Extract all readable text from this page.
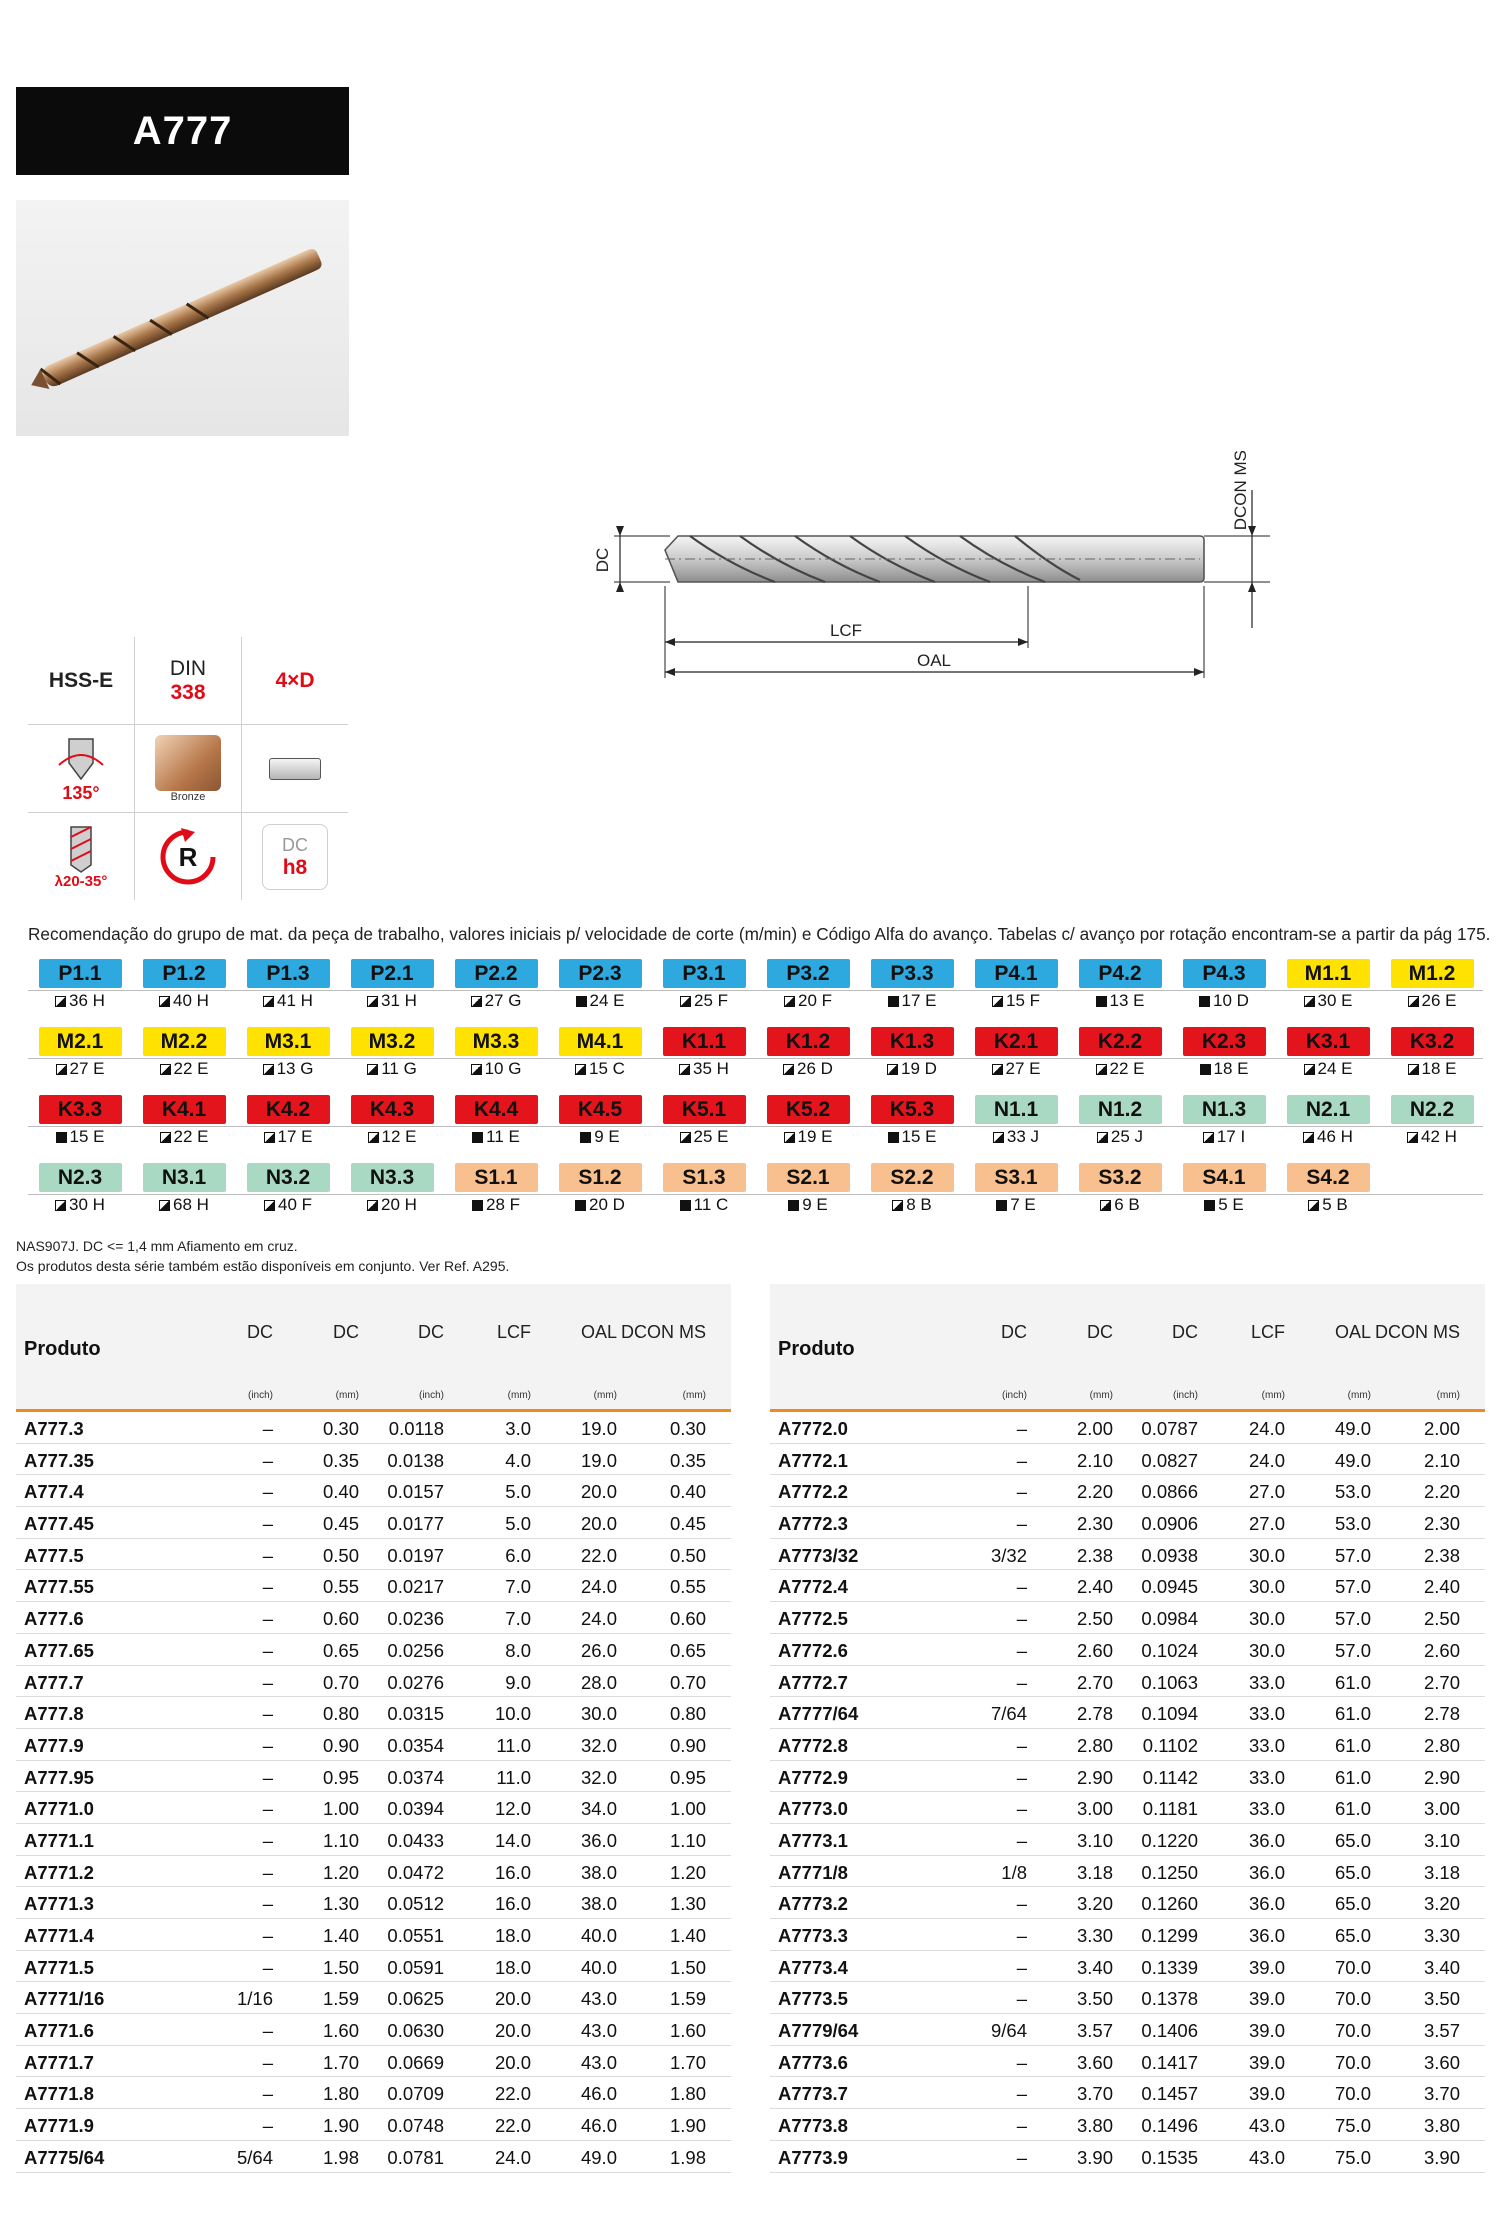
A777
DC
DCON MS
LCF
OAL
HSS-E
DIN
338
4×D
135°	Bronze
λ20-35°
R	DC
h8
Recomendação do grupo de mat. da peça de trabalho, valores iniciais p/ velocidade de corte (m/min) e Código Alfa do avanço. Tabelas c/ avanço por rotação encontram-se a partir da pág 175.
P1.1
36 H
P1.2
40 H
P1.3
41 H
P2.1
31 H
P2.2
27 G
P2.3
24 E
P3.1
25 F
P3.2
20 F
P3.3
17 E
P4.1
15 F
P4.2
13 E
P4.3
10 D
M1.1
30 E
M1.2
26 E
M2.1
27 E
M2.2
22 E
M3.1
13 G
M3.2
11 G
M3.3
10 G
M4.1
15 C
K1.1
35 H
K1.2
26 D
K1.3
19 D
K2.1
27 E
K2.2
22 E
K2.3
18 E
K3.1
24 E
K3.2
18 E
K3.3
15 E
K4.1
22 E
K4.2
17 E
K4.3
12 E
K4.4
11 E
K4.5
9 E
K5.1
25 E
K5.2
19 E
K5.3
15 E
N1.1
33 J
N1.2
25 J
N1.3
17 I
N2.1
46 H
N2.2
42 H
N2.3
30 H
N3.1
68 H
N3.2
40 F
N3.3
20 H
S1.1
28 F
S1.2
20 D
S1.3
11 C
S2.1
9 E
S2.2
8 B
S3.1
7 E
S3.2
6 B
S4.1
5 E
S4.2
5 B
NAS907J. DC <= 1,4 mm Afiamento em cruz.
Os produtos desta série também estão disponíveis em conjunto. Ver Ref. A295.
Produto
DC
(inch)
DC
(mm)
DC
(inch)
LCF
(mm)
OAL
(mm)
DCON MS
(mm)
A777.3	–	0.30 0.0118	3.0	19.0	0.30
A777.35	–	0.35 0.0138	4.0	19.0	0.35
A777.4	–	0.40 0.0157	5.0	20.0	0.40
A777.45	–	0.45 0.0177	5.0	20.0	0.45
A777.5	–	0.50 0.0197	6.0	22.0	0.50
A777.55	–	0.55 0.0217	7.0	24.0	0.55
A777.6	–	0.60 0.0236	7.0	24.0	0.60
A777.65	–	0.65 0.0256	8.0	26.0	0.65
A777.7	–	0.70 0.0276	9.0	28.0	0.70
A777.8	–	0.80 0.0315	10.0	30.0	0.80
A777.9	–	0.90 0.0354	11.0	32.0	0.90
A777.95	–	0.95 0.0374	11.0	32.0	0.95
A7771.0	–	1.00 0.0394	12.0	34.0	1.00
A7771.1	–	1.10 0.0433	14.0	36.0	1.10
A7771.2	–	1.20 0.0472	16.0	38.0	1.20
A7771.3	–	1.30 0.0512	16.0	38.0	1.30
A7771.4	–	1.40 0.0551	18.0	40.0	1.40
A7771.5	–	1.50 0.0591	18.0	40.0	1.50
A7771/16	1/16	1.59 0.0625	20.0	43.0	1.59
A7771.6	–	1.60 0.0630	20.0	43.0	1.60
A7771.7	–	1.70 0.0669	20.0	43.0	1.70
A7771.8	–	1.80 0.0709	22.0	46.0	1.80
A7771.9	–	1.90 0.0748	22.0	46.0	1.90
A7775/64	5/64	1.98 0.0781	24.0	49.0	1.98
Produto
DC
(inch)
DC
(mm)
DC
(inch)
LCF
(mm)
OAL
(mm)
DCON MS
(mm)
A7772.0	–	2.00 0.0787	24.0	49.0	2.00
A7772.1	–	2.10 0.0827	24.0	49.0	2.10
A7772.2	–	2.20 0.0866	27.0	53.0	2.20
A7772.3	–	2.30 0.0906	27.0	53.0	2.30
A7773/32	3/32	2.38 0.0938	30.0	57.0	2.38
A7772.4	–	2.40 0.0945	30.0	57.0	2.40
A7772.5	–	2.50 0.0984	30.0	57.0	2.50
A7772.6	–	2.60 0.1024	30.0	57.0	2.60
A7772.7	–	2.70 0.1063	33.0	61.0	2.70
A7777/64	7/64	2.78 0.1094	33.0	61.0	2.78
A7772.8	–	2.80 0.1102	33.0	61.0	2.80
A7772.9	–	2.90 0.1142	33.0	61.0	2.90
A7773.0	–	3.00 0.1181	33.0	61.0	3.00
A7773.1	–	3.10 0.1220	36.0	65.0	3.10
A7771/8	1/8	3.18 0.1250	36.0	65.0	3.18
A7773.2	–	3.20 0.1260	36.0	65.0	3.20
A7773.3	–	3.30 0.1299	36.0	65.0	3.30
A7773.4	–	3.40 0.1339	39.0	70.0	3.40
A7773.5	–	3.50 0.1378	39.0	70.0	3.50
A7779/64	9/64	3.57 0.1406	39.0	70.0	3.57
A7773.6	–	3.60 0.1417	39.0	70.0	3.60
A7773.7	–	3.70 0.1457	39.0	70.0	3.70
A7773.8	–	3.80 0.1496	43.0	75.0	3.80
A7773.9	–	3.90 0.1535	43.0	75.0	3.90
